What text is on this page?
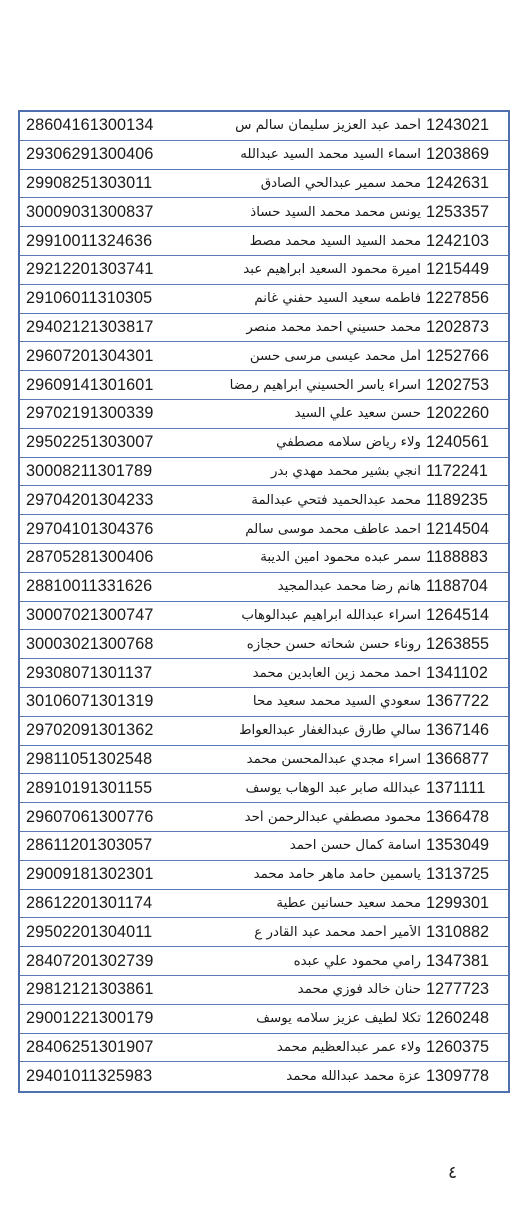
28604161300134	أحمد عبد العزيز سليمان سالم س 1243021
29306291300406	اسماء السيد محمد السيد عبدالله 1203869
29908251303011	محمد سمير عبدالحي الصادق 1242631
30009031300837	يونس محمد محمد السيد حساذ 1253357
29910011324636	محمد السيد السيد محمد مصط 1242103
29212201303741	اميرة محمود السعيد ابراهيم عبد 1215449
29106011310305	فاطمه سعيد السيد حفني غانم 1227856
29402121303817	محمد حسيني احمد محمد منصر 1202873
29607201304301	أمل محمد عيسى مرسى حسن 1252766
29609141301601	اسراء ياسر الحسيني ابراهيم رمضا 1202753
29702191300339	حسن سعيد علي السيد 1202260
29502251303007	ولاء رياض سلامه مصطفي 1240561
30008211301789	انجي بشير محمد مهدي بدر 1172241
29704201304233	محمد عبدالحميد فتحي عبدالمة 1189235
29704101304376	احمد عاطف محمد موسى سالم 1214504
28705281300406	سمر عبده محمود امين الديبة 1188883
28810011331626	هانم رضا محمد عبدالمجيد 1188704
30007021300747	اسراء عبدالله ابراهيم عبدالوهاب 1264514
30003021300768	روناء حسن شحاته حسن حجازه 1263855
29308071301137	احمد محمد زين العابدين محمد 1341102
30106071301319	سعودي السيد محمد سعيد محا 1367722
29702091301362	سالي طارق عبدالغفار عبدالعواط 1367146
29811051302548	اسراء مجدي عبدالمحسن محمد 1366877
28910191301155	عبدالله صابر عبد الوهاب يوسف 1371111
29607061300776	محمود مصطفي عبدالرحمن أحد 1366478
28611201303057	اسامة كمال حسن احمد 1353049
29009181302301	ياسمين حامد ماهر حامد محمد 1313725
28612201301174	محمد سعيد حسانين عطية 1299301
29502201304011	الأمير أحمد محمد عبد القادر ع 1310882
28407201302739	رامي محمود علي عبده 1347381
29812121303861	حنان خالد فوزي محمد 1277723
29001221300179	تكلا لطيف عزيز سلامه يوسف 1260248
28406251301907	ولاء عمر عبدالعظيم محمد 1260375
29401011325983	عزة محمد عبدالله محمد 1309778
٤
